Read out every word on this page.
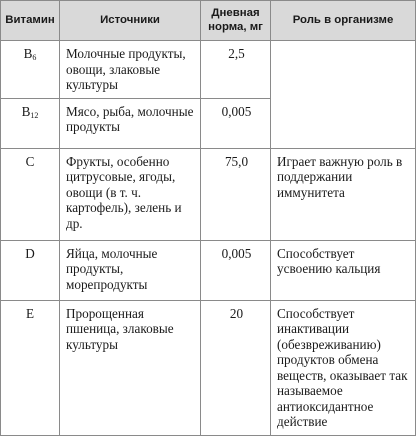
Витамин	Источники	Дневная норма, мг	Роль в организме
$B_6$	Молочные продукты, овощи, злаковые культуры	2,5	
$B_{12}$	Мясо, рыба, молочные продукты	0,005	
C	Фрукты, особенно цитрусовые, ягоды, овощи (в т. ч. картофель), зелень и др.	75,0	Играет важную роль в поддержании иммунитета
D	Яйца, молочные продукты, морепродукты	0,005	Способствует усвоению кальция
E	Пророщенная пшеница, злаковые культуры	20	Способствует инактивации (обезвреживанию) продуктов обмена веществ, оказывает так называемое антиоксидантное действие
